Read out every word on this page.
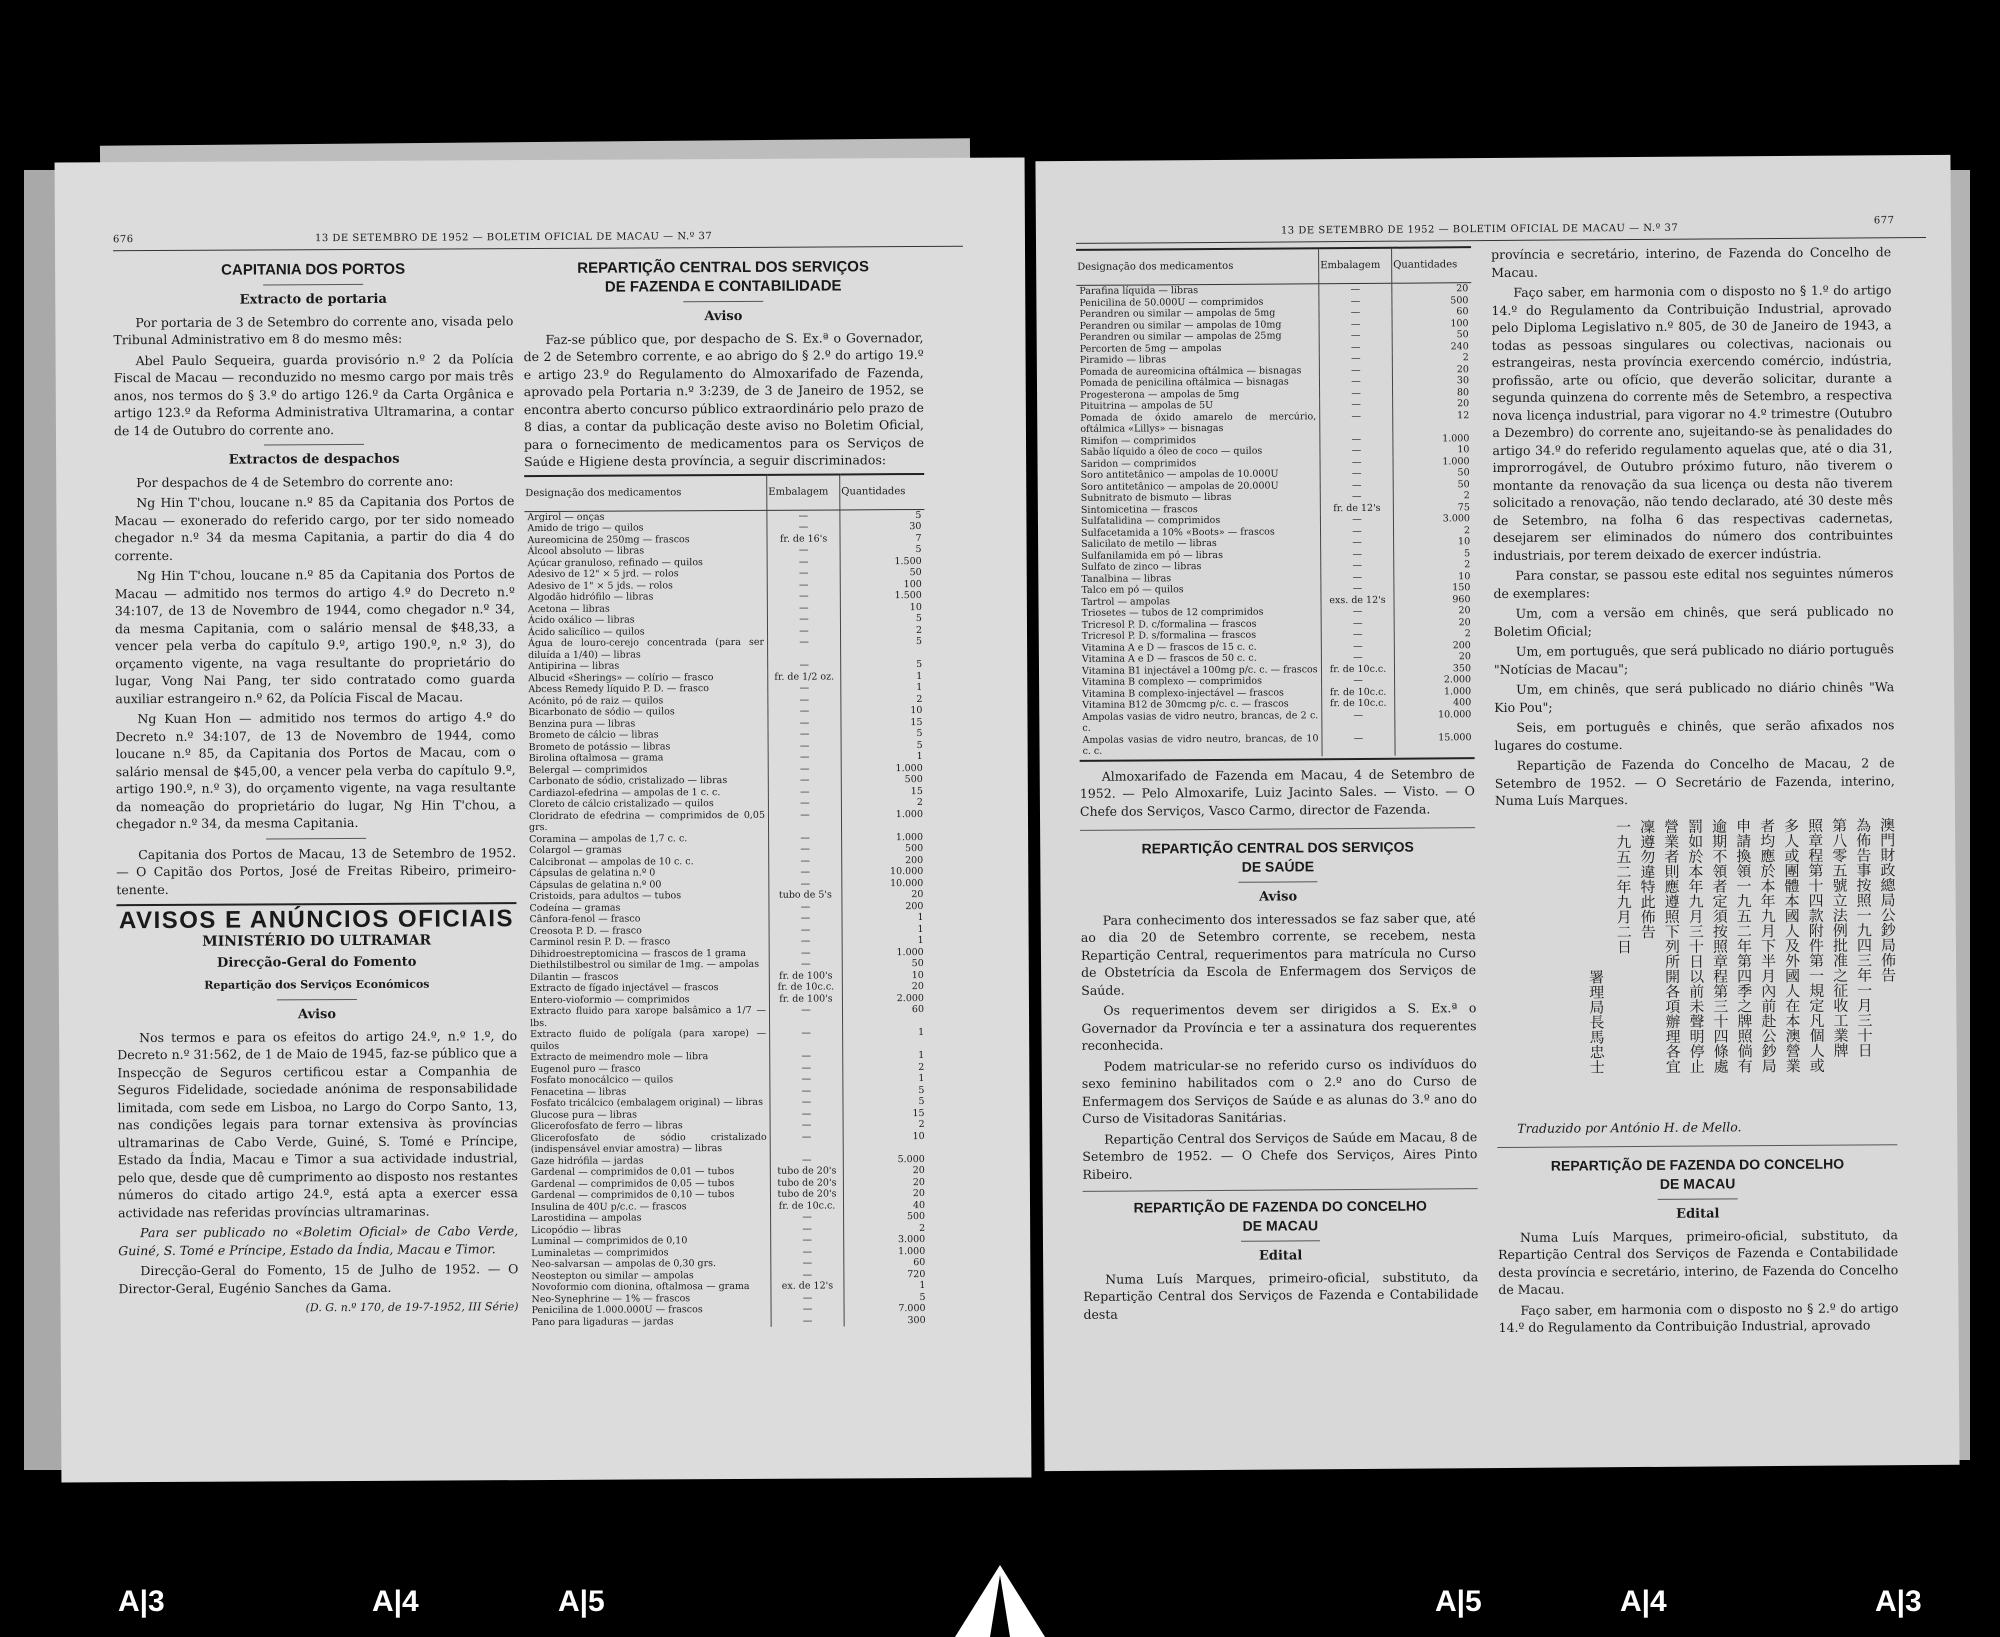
676	13 DE SETEMBRO DE 1952 — BOLETIM OFICIAL DE MACAU — N.º 37
CAPITANIA DOS PORTOS
Extracto de portaria

Por portaria de 3 de Setembro do corrente ano, visada pelo Tribunal Administrativo em 8 do mesmo mês:

Abel Paulo Sequeira, guarda provisório n.º 2 da Polícia Fiscal de Macau — reconduzido no mesmo cargo por mais três anos, nos termos do § 3.º do artigo 126.º da Carta Orgânica e artigo 123.º da Reforma Administrativa Ultramarina, a contar de 14 de Outubro do corrente ano.

Extractos de despachos

Por despachos de 4 de Setembro do corrente ano:

Ng Hin T'chou, loucane n.º 85 da Capitania dos Portos de Macau — exonerado do referido cargo, por ter sido nomeado chegador n.º 34 da mesma Capitania, a partir do dia 4 do corrente.

Ng Hin T'chou, loucane n.º 85 da Capitania dos Portos de Macau — admitido nos termos do artigo 4.º do Decreto n.º 34:107, de 13 de Novembro de 1944, como chegador n.º 34, da mesma Capitania, com o salário mensal de $48,33, a vencer pela verba do capítulo 9.º, artigo 190.º, n.º 3), do orçamento vigente, na vaga resultante do proprietário do lugar, Vong Nai Pang, ter sido contratado como guarda auxiliar estrangeiro n.º 62, da Polícia Fiscal de Macau.

Ng Kuan Hon — admitido nos termos do artigo 4.º do Decreto n.º 34:107, de 13 de Novembro de 1944, como loucane n.º 85, da Capitania dos Portos de Macau, com o salário mensal de $45,00, a vencer pela verba do capítulo 9.º, artigo 190.º, n.º 3), do orçamento vigente, na vaga resultante da nomeação do proprietário do lugar, Ng Hin T'chou, a chegador n.º 34, da mesma Capitania.

Capitania dos Portos de Macau, 13 de Setembro de 1952. — O Capitão dos Portos, José de Freitas Ribeiro, primeiro-tenente.

AVISOS E ANÚNCIOS OFICIAIS
MINISTÉRIO DO ULTRAMAR
Direcção-Geral do Fomento
Repartição dos Serviços Económicos
Aviso

Nos termos e para os efeitos do artigo 24.º, n.º 1.º, do Decreto n.º 31:562, de 1 de Maio de 1945, faz-se público que a Inspecção de Seguros certificou estar a Companhia de Seguros Fidelidade, sociedade anónima de responsabilidade limitada, com sede em Lisboa, no Largo do Corpo Santo, 13, nas condições legais para tornar extensiva às províncias ultramarinas de Cabo Verde, Guiné, S. Tomé e Príncipe, Estado da Índia, Macau e Timor a sua actividade industrial, pelo que, desde que dê cumprimento ao disposto nos restantes números do citado artigo 24.º, está apta a exercer essa actividade nas referidas províncias ultramarinas.

Para ser publicado no «Boletim Oficial» de Cabo Verde, Guiné, S. Tomé e Príncipe, Estado da Índia, Macau e Timor.

Direcção-Geral do Fomento, 15 de Julho de 1952. — O Director-Geral, Eugénio Sanches da Gama.

(D. G. n.º 170, de 19-7-1952, III Série)
REPARTIÇÃO CENTRAL DOS SERVIÇOS
DE FAZENDA E CONTABILIDADE
Aviso

Faz-se público que, por despacho de S. Ex.ª o Governador, de 2 de Setembro corrente, e ao abrigo do § 2.º do artigo 19.º e artigo 23.º do Regulamento do Almoxarifado de Fazenda, aprovado pela Portaria n.º 3:239, de 3 de Janeiro de 1952, se encontra aberto concurso público extraordinário pelo prazo de 8 dias, a contar da publicação deste aviso no Boletim Oficial, para o fornecimento de medicamentos para os Serviços de Saúde e Higiene desta província, a seguir discriminados:

Designação dos medicamentos	Embalagem	Quantidades
Argirol — onças	—	5
Amido de trigo — quilos	—	30
Aureomicina de 250mg — frascos	fr. de 16's	7
Álcool absoluto — libras	—	5
Açúcar granuloso, refinado — quilos	—	1.500
Adesivo de 12" × 5 jrd. — rolos	—	50
Adesivo de 1" × 5 jds. — rolos	—	100
Algodão hidrófilo — libras	—	1.500
Acetona — libras	—	10
Ácido oxálico — libras	—	5
Ácido salicílico — quilos	—	2
Água de louro-cerejo concentrada (para ser diluída a 1/40) — libras	—	5
Antipirina — libras	—	5
Albucid «Sherings» — colírio — frasco	fr. de 1/2 oz.	1
Abcess Remedy líquido P. D. — frasco	—	1
Acónito, pó de raiz — quilos	—	2
Bicarbonato de sódio — quilos	—	10
Benzina pura — libras	—	15
Brometo de cálcio — libras	—	5
Brometo de potássio — libras	—	5
Birolina oftalmosa — grama	—	1
Belergal — comprimidos	—	1.000
Carbonato de sódio, cristalizado — libras	—	500
Cardiazol-efedrina — ampolas de 1 c. c.	—	15
Cloreto de cálcio cristalizado — quilos	—	2
Cloridrato de efedrina — comprimidos de 0,05 grs.	—	1.000
Coramina — ampolas de 1,7 c. c.	—	1.000
Colargol — gramas	—	500
Calcibronat — ampolas de 10 c. c.	—	200
Cápsulas de gelatina n.º 0	—	10.000
Cápsulas de gelatina n.º 00	—	10.000
Cristoids, para adultos — tubos	tubo de 5's	20
Codeína — gramas	—	200
Cânfora-fenol — frasco	—	1
Creosota P. D. — frasco	—	1
Carminol resin P. D. — frasco	—	1
Dihidroestreptomicina — frascos de 1 grama	—	1.000
Diethilstilbestrol ou similar de 1mg. — ampolas	—	50
Dilantin — frascos	fr. de 100's	10
Extracto de fígado injectável — frascos	fr. de 10c.c.	20
Entero-vioformio — comprimidos	fr. de 100's	2.000
Extracto fluido para xarope balsâmico a 1/7 — lbs.	—	60
Extracto fluido de polígala (para xarope) — quilos	—	1
Extracto de meimendro mole — libra	—	1
Eugenol puro — frasco	—	2
Fosfato monocálcico — quilos	—	1
Fenacetina — libras	—	5
Fosfato tricálcico (embalagem original) — libras	—	5
Glucose pura — libras	—	15
Glicerofosfato de ferro — libras	—	2
Glicerofosfato de sódio cristalizado (indispensável enviar amostra) — libras	—	10
Gaze hidrófila — jardas	—	5.000
Gardenal — comprimidos de 0,01 — tubos	tubo de 20's	20
Gardenal — comprimidos de 0,05 — tubos	tubo de 20's	20
Gardenal — comprimidos de 0,10 — tubos	tubo de 20's	20
Insulina de 40U p/c.c. — frascos	fr. de 10c.c.	40
Larostidina — ampolas	—	500
Licopódio — libras	—	2
Luminal — comprimidos de 0,10	—	3.000
Luminaletas — comprimidos	—	1.000
Neo-salvarsan — ampolas de 0,30 grs.	—	60
Neostepton ou similar — ampolas	—	720
Novoformio com dionina, oftalmosa — grama	ex. de 12's	1
Neo-Synephrine — 1% — frascos	—	5
Penicilina de 1.000.000U — frascos	—	7.000
Pano para ligaduras — jardas	—	300
13 DE SETEMBRO DE 1952 — BOLETIM OFICIAL DE MACAU — N.º 37
677
Designação dos medicamentos	Embalagem	Quantidades
Parafina líquida — libras	—	20
Penicilina de 50.000U — comprimidos	—	500
Perandren ou similar — ampolas de 5mg	—	60
Perandren ou similar — ampolas de 10mg	—	100
Perandren ou similar — ampolas de 25mg	—	50
Percorten de 5mg — ampolas	—	240
Piramido — libras	—	2
Pomada de aureomicina oftálmica — bisnagas	—	20
Pomada de penicilina oftálmica — bisnagas	—	30
Progesterona — ampolas de 5mg	—	80
Pituitrina — ampolas de 5U	—	20
Pomada de óxido amarelo de mercúrio, oftálmica «Lillys» — bisnagas	—	12
Rimifon — comprimidos	—	1.000
Sabão líquido a óleo de coco — quilos	—	10
Saridon — comprimidos	—	1.000
Soro antitetânico — ampolas de 10.000U	—	50
Soro antitetânico — ampolas de 20.000U	—	50
Subnitrato de bismuto — libras	—	2
Sintomicetina — frascos	fr. de 12's	75
Sulfatalidina — comprimidos	—	3.000
Sulfacetamida a 10% «Boots» — frascos	—	2
Salicilato de metilo — libras	—	10
Sulfanilamida em pó — libras	—	5
Sulfato de zinco — libras	—	2
Tanalbina — libras	—	10
Talco em pó — quilos	—	150
Tartrol — ampolas	exs. de 12's	960
Triosetes — tubos de 12 comprimidos	—	20
Tricresol P. D. c/formalina — frascos	—	20
Tricresol P. D. s/formalina — frascos	—	2
Vitamina A e D — frascos de 15 c. c.	—	200
Vitamina A e D — frascos de 50 c. c.	—	20
Vitamina B1 injectável a 100mg p/c. c. — frascos	fr. de 10c.c.	350
Vitamina B complexo — comprimidos	—	2.000
Vitamina B complexo-injectável — frascos	fr. de 10c.c.	1.000
Vitamina B12 de 30mcmg p/c. c. — frascos	fr. de 10c.c.	400
Ampolas vasias de vidro neutro, brancas, de 2 c. c.	—	10.000
Ampolas vasias de vidro neutro, brancas, de 10 c. c.	—	15.000

Almoxarifado de Fazenda em Macau, 4 de Setembro de 1952. — Pelo Almoxarife, Luiz Jacinto Sales. — Visto. — O Chefe dos Serviços, Vasco Carmo, director de Fazenda.

REPARTIÇÃO CENTRAL DOS SERVIÇOS
DE SAÚDE
Aviso

Para conhecimento dos interessados se faz saber que, até ao dia 20 de Setembro corrente, se recebem, nesta Repartição Central, requerimentos para matrícula no Curso de Obstetrícia da Escola de Enfermagem dos Serviços de Saúde.

Os requerimentos devem ser dirigidos a S. Ex.ª o Governador da Província e ter a assinatura dos requerentes reconhecida.

Podem matricular-se no referido curso os indivíduos do sexo feminino habilitados com o 2.º ano do Curso de Enfermagem dos Serviços de Saúde e as alunas do 3.º ano do Curso de Visitadoras Sanitárias.

Repartição Central dos Serviços de Saúde em Macau, 8 de Setembro de 1952. — O Chefe dos Serviços, Aires Pinto Ribeiro.

REPARTIÇÃO DE FAZENDA DO CONCELHO
DE MACAU
Edital

Numa Luís Marques, primeiro-oficial, substituto, da Repartição Central dos Serviços de Fazenda e Contabilidade desta

província e secretário, interino, de Fazenda do Concelho de Macau.

Faço saber, em harmonia com o disposto no § 1.º do artigo 14.º do Regulamento da Contribuição Industrial, aprovado pelo Diploma Legislativo n.º 805, de 30 de Janeiro de 1943, a todas as pessoas singulares ou colectivas, nacionais ou estrangeiras, nesta província exercendo comércio, indústria, profissão, arte ou ofício, que deverão solicitar, durante a segunda quinzena do corrente mês de Setembro, a respectiva nova licença industrial, para vigorar no 4.º trimestre (Outubro a Dezembro) do corrente ano, sujeitando-se às penalidades do artigo 34.º do referido regulamento aquelas que, até o dia 31, improrrogável, de Outubro próximo futuro, não tiverem o montante da renovação da sua licença ou desta não tiverem solicitado a renovação, não tendo declarado, até 30 deste mês de Setembro, na folha 6 das respectivas cadernetas, desejarem ser eliminados do número dos contribuintes industriais, por terem deixado de exercer indústria.

Para constar, se passou este edital nos seguintes números de exemplares:

Um, com a versão em chinês, que será publicado no Boletim Oficial;

Um, em português, que será publicado no diário português "Notícias de Macau";

Um, em chinês, que será publicado no diário chinês "Wa Kio Pou";

Seis, em português e chinês, que serão afixados nos lugares do costume.

Repartição de Fazenda do Concelho de Macau, 2 de Setembro de 1952. — O Secretário de Fazenda, interino, Numa Luís Marques.

澳門財政總局公鈔局佈告
為佈告事按照一九四三年一月三十日
第八零五號立法例批准之征收工業牌
照章程第十四款附件第一規定凡個人或
多人或團體本國人及外國人在本澳營業
者均應於本年九月下半月內前赴公鈔局
申請換領一九五二年第四季之牌照倘有
逾期不領者定須按照章程第三十四條處
罰如於本年九月三十日以前未聲明停止
營業者則應遵照下列所開各項辦理各宜
凜遵勿違特此佈告
一九五二年九月二日
署理局長馬忠士
Traduzido por António H. de Mello.
REPARTIÇÃO DE FAZENDA DO CONCELHO
DE MACAU
Edital

Numa Luís Marques, primeiro-oficial, substituto, da Repartição Central dos Serviços de Fazenda e Contabilidade desta província e secretário, interino, de Fazenda do Concelho de Macau.

Faço saber, em harmonia com o disposto no § 2.º do artigo 14.º do Regulamento da Contribuição Industrial, aprovado

A|3	A|4	A|5	A|5	A|4	A|3
